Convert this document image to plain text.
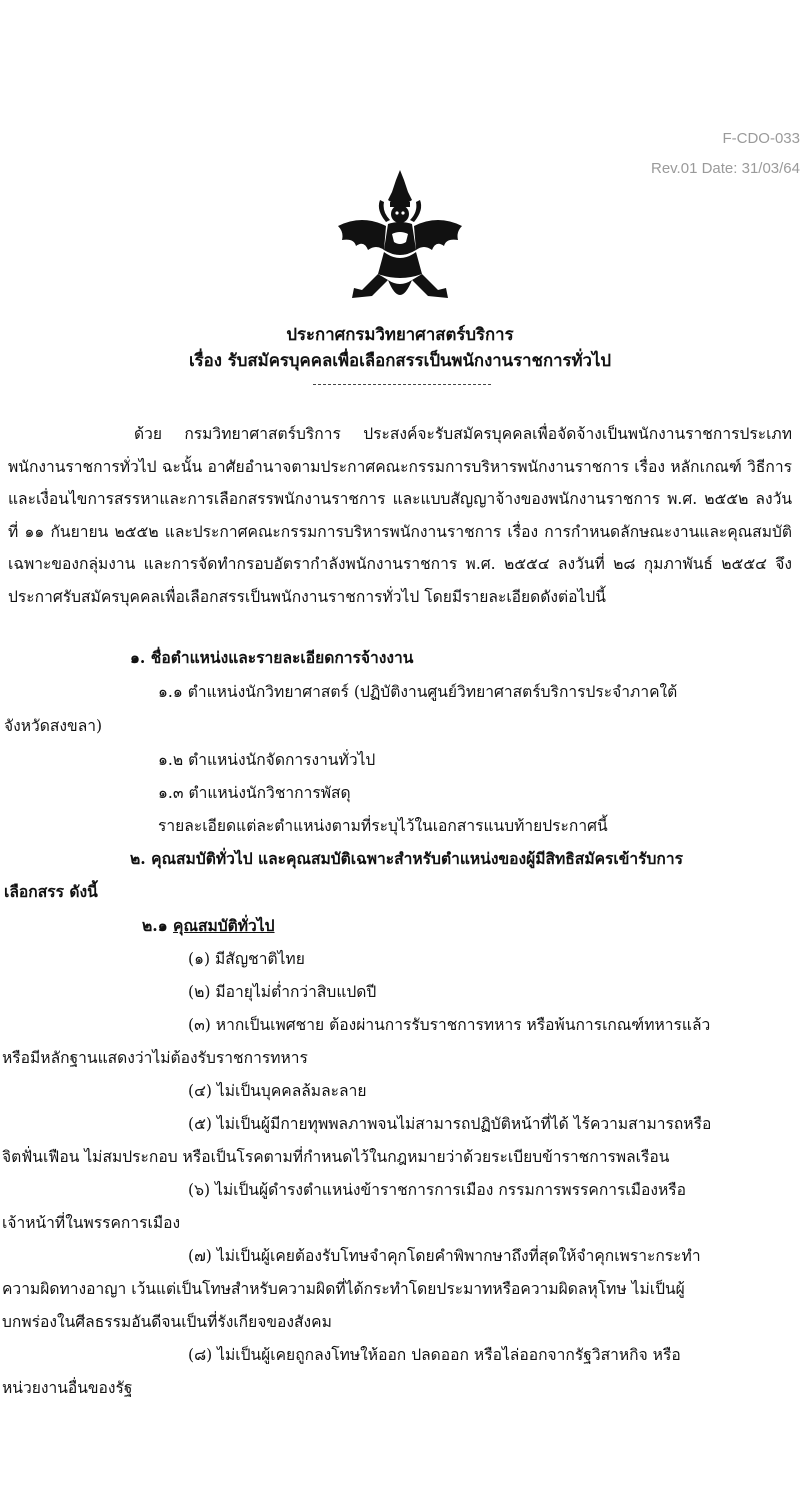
F-CDO-033
Rev.01 Date: 31/03/64
ประกาศกรมวิทยาศาสตร์บริการ
เรื่อง รับสมัครบุคคลเพื่อเลือกสรรเป็นพนักงานราชการทั่วไป
ด้วย กรมวิทยาศาสตร์บริการ ประสงค์จะรับสมัครบุคคลเพื่อจัดจ้างเป็นพนักงานราชการประเภทพนักงานราชการทั่วไป ฉะนั้น อาศัยอำนาจตามประกาศคณะกรรมการบริหารพนักงานราชการ เรื่อง หลักเกณฑ์ วิธีการ และเงื่อนไขการสรรหาและการเลือกสรรพนักงานราชการ และแบบสัญญาจ้างของพนักงานราชการ พ.ศ. ๒๕๕๒ ลงวันที่ ๑๑ กันยายน ๒๕๕๒ และประกาศคณะกรรมการบริหารพนักงานราชการ เรื่อง การกำหนดลักษณะงานและคุณสมบัติเฉพาะของกลุ่มงาน และการจัดทำกรอบอัตรากำลังพนักงานราชการ พ.ศ. ๒๕๕๔ ลงวันที่ ๒๘ กุมภาพันธ์ ๒๕๕๔ จึงประกาศรับสมัครบุคคลเพื่อเลือกสรรเป็นพนักงานราชการทั่วไป โดยมีรายละเอียดดังต่อไปนี้
๑. ชื่อตำแหน่งและรายละเอียดการจ้างงาน
๑.๑ ตำแหน่งนักวิทยาศาสตร์ (ปฏิบัติงานศูนย์วิทยาศาสตร์บริการประจำภาคใต้
จังหวัดสงขลา)
๑.๒ ตำแหน่งนักจัดการงานทั่วไป
๑.๓ ตำแหน่งนักวิชาการพัสดุ
รายละเอียดแต่ละตำแหน่งตามที่ระบุไว้ในเอกสารแนบท้ายประกาศนี้
๒. คุณสมบัติทั่วไป และคุณสมบัติเฉพาะสำหรับตำแหน่งของผู้มีสิทธิสมัครเข้ารับการ
เลือกสรร ดังนี้
๒.๑ คุณสมบัติทั่วไป
(๑) มีสัญชาติไทย
(๒) มีอายุไม่ต่ำกว่าสิบแปดปี
(๓) หากเป็นเพศชาย ต้องผ่านการรับราชการทหาร หรือพ้นการเกณฑ์ทหารแล้ว
หรือมีหลักฐานแสดงว่าไม่ต้องรับราชการทหาร
(๔) ไม่เป็นบุคคลล้มละลาย
(๕) ไม่เป็นผู้มีกายทุพพลภาพจนไม่สามารถปฏิบัติหน้าที่ได้ ไร้ความสามารถหรือ
จิตฟั่นเฟือน ไม่สมประกอบ หรือเป็นโรคตามที่กำหนดไว้ในกฎหมายว่าด้วยระเบียบข้าราชการพลเรือน
(๖) ไม่เป็นผู้ดำรงตำแหน่งข้าราชการการเมือง กรรมการพรรคการเมืองหรือ
เจ้าหน้าที่ในพรรคการเมือง
(๗) ไม่เป็นผู้เคยต้องรับโทษจำคุกโดยคำพิพากษาถึงที่สุดให้จำคุกเพราะกระทำ
ความผิดทางอาญา เว้นแต่เป็นโทษสำหรับความผิดที่ได้กระทำโดยประมาทหรือความผิดลหุโทษ ไม่เป็นผู้
บกพร่องในศีลธรรมอันดีจนเป็นที่รังเกียจของสังคม
(๘) ไม่เป็นผู้เคยถูกลงโทษให้ออก ปลดออก หรือไล่ออกจากรัฐวิสาหกิจ หรือ
หน่วยงานอื่นของรัฐ
